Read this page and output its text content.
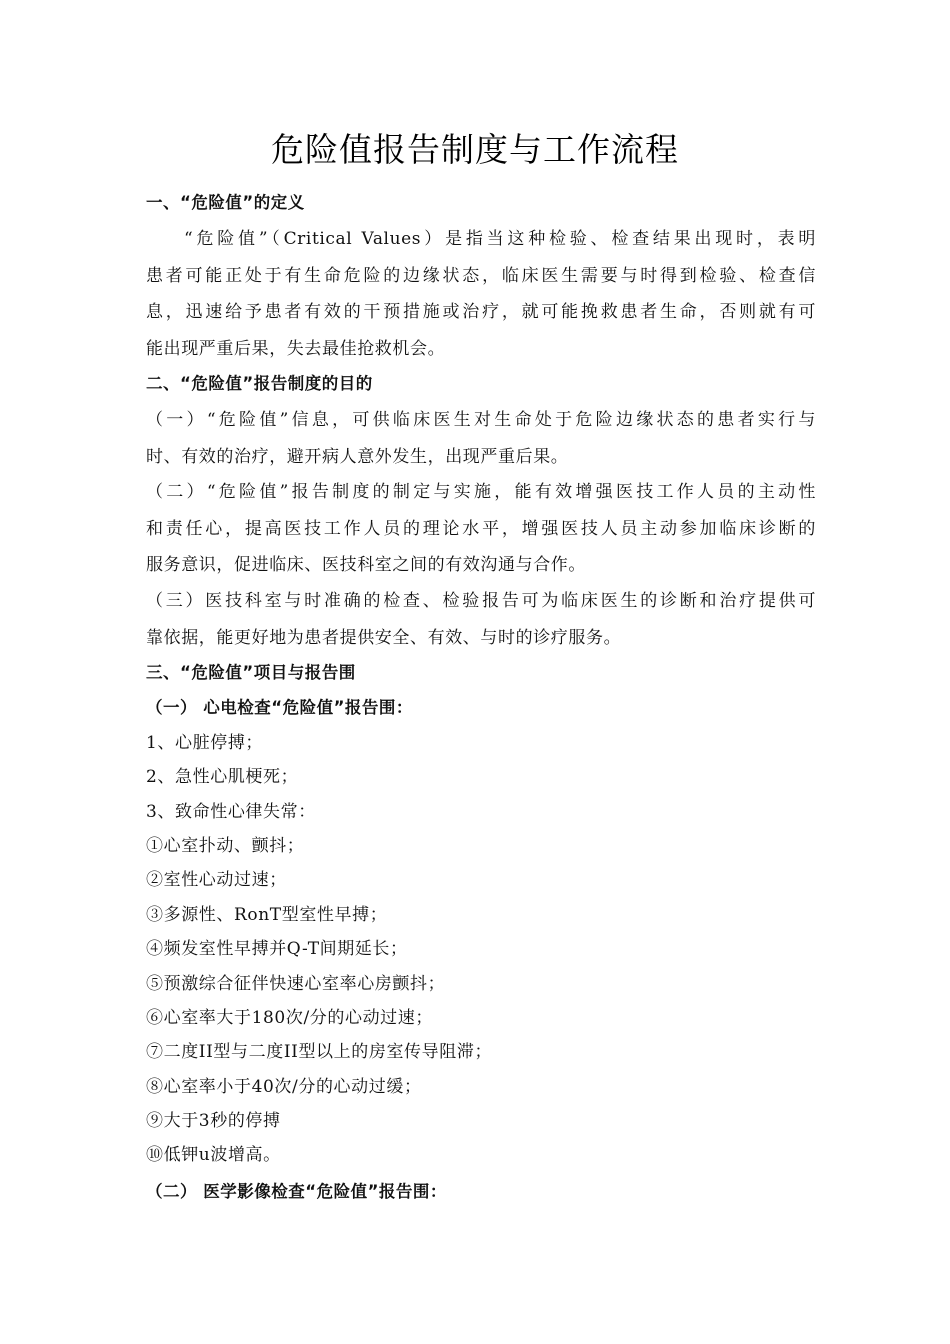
危险值报告制度与工作流程
一、“危险值”的定义
“危险值”（Critical Values）是指当这种检验、检查结果出现时，表明
患者可能正处于有生命危险的边缘状态，临床医生需要与时得到检验、检查信
息，迅速给予患者有效的干预措施或治疗，就可能挽救患者生命，否则就有可
能出现严重后果，失去最佳抢救机会。
二、“危险值”报告制度的目的
（一）“危险值”信息，可供临床医生对生命处于危险边缘状态的患者实行与
时、有效的治疗，避开病人意外发生，出现严重后果。
（二）“危险值”报告制度的制定与实施，能有效增强医技工作人员的主动性
和责任心，提高医技工作人员的理论水平，增强医技人员主动参加临床诊断的
服务意识，促进临床、医技科室之间的有效沟通与合作。
（三）医技科室与时准确的检查、检验报告可为临床医生的诊断和治疗提供可
靠依据，能更好地为患者提供安全、有效、与时的诊疗服务。
三、“危险值”项目与报告围
（一） 心电检查“危险值”报告围：
1、心脏停搏；
2、急性心肌梗死；
3、致命性心律失常：
①心室扑动、颤抖；
②室性心动过速；
③多源性、RonT型室性早搏；
④频发室性早搏并Q-T间期延长；
⑤预激综合征伴快速心室率心房颤抖；
⑥心室率大于180次/分的心动过速；
⑦二度II型与二度II型以上的房室传导阻滞；
⑧心室率小于40次/分的心动过缓；
⑨大于3秒的停搏
⑩低钾u波增高。
（二） 医学影像检查“危险值”报告围：
